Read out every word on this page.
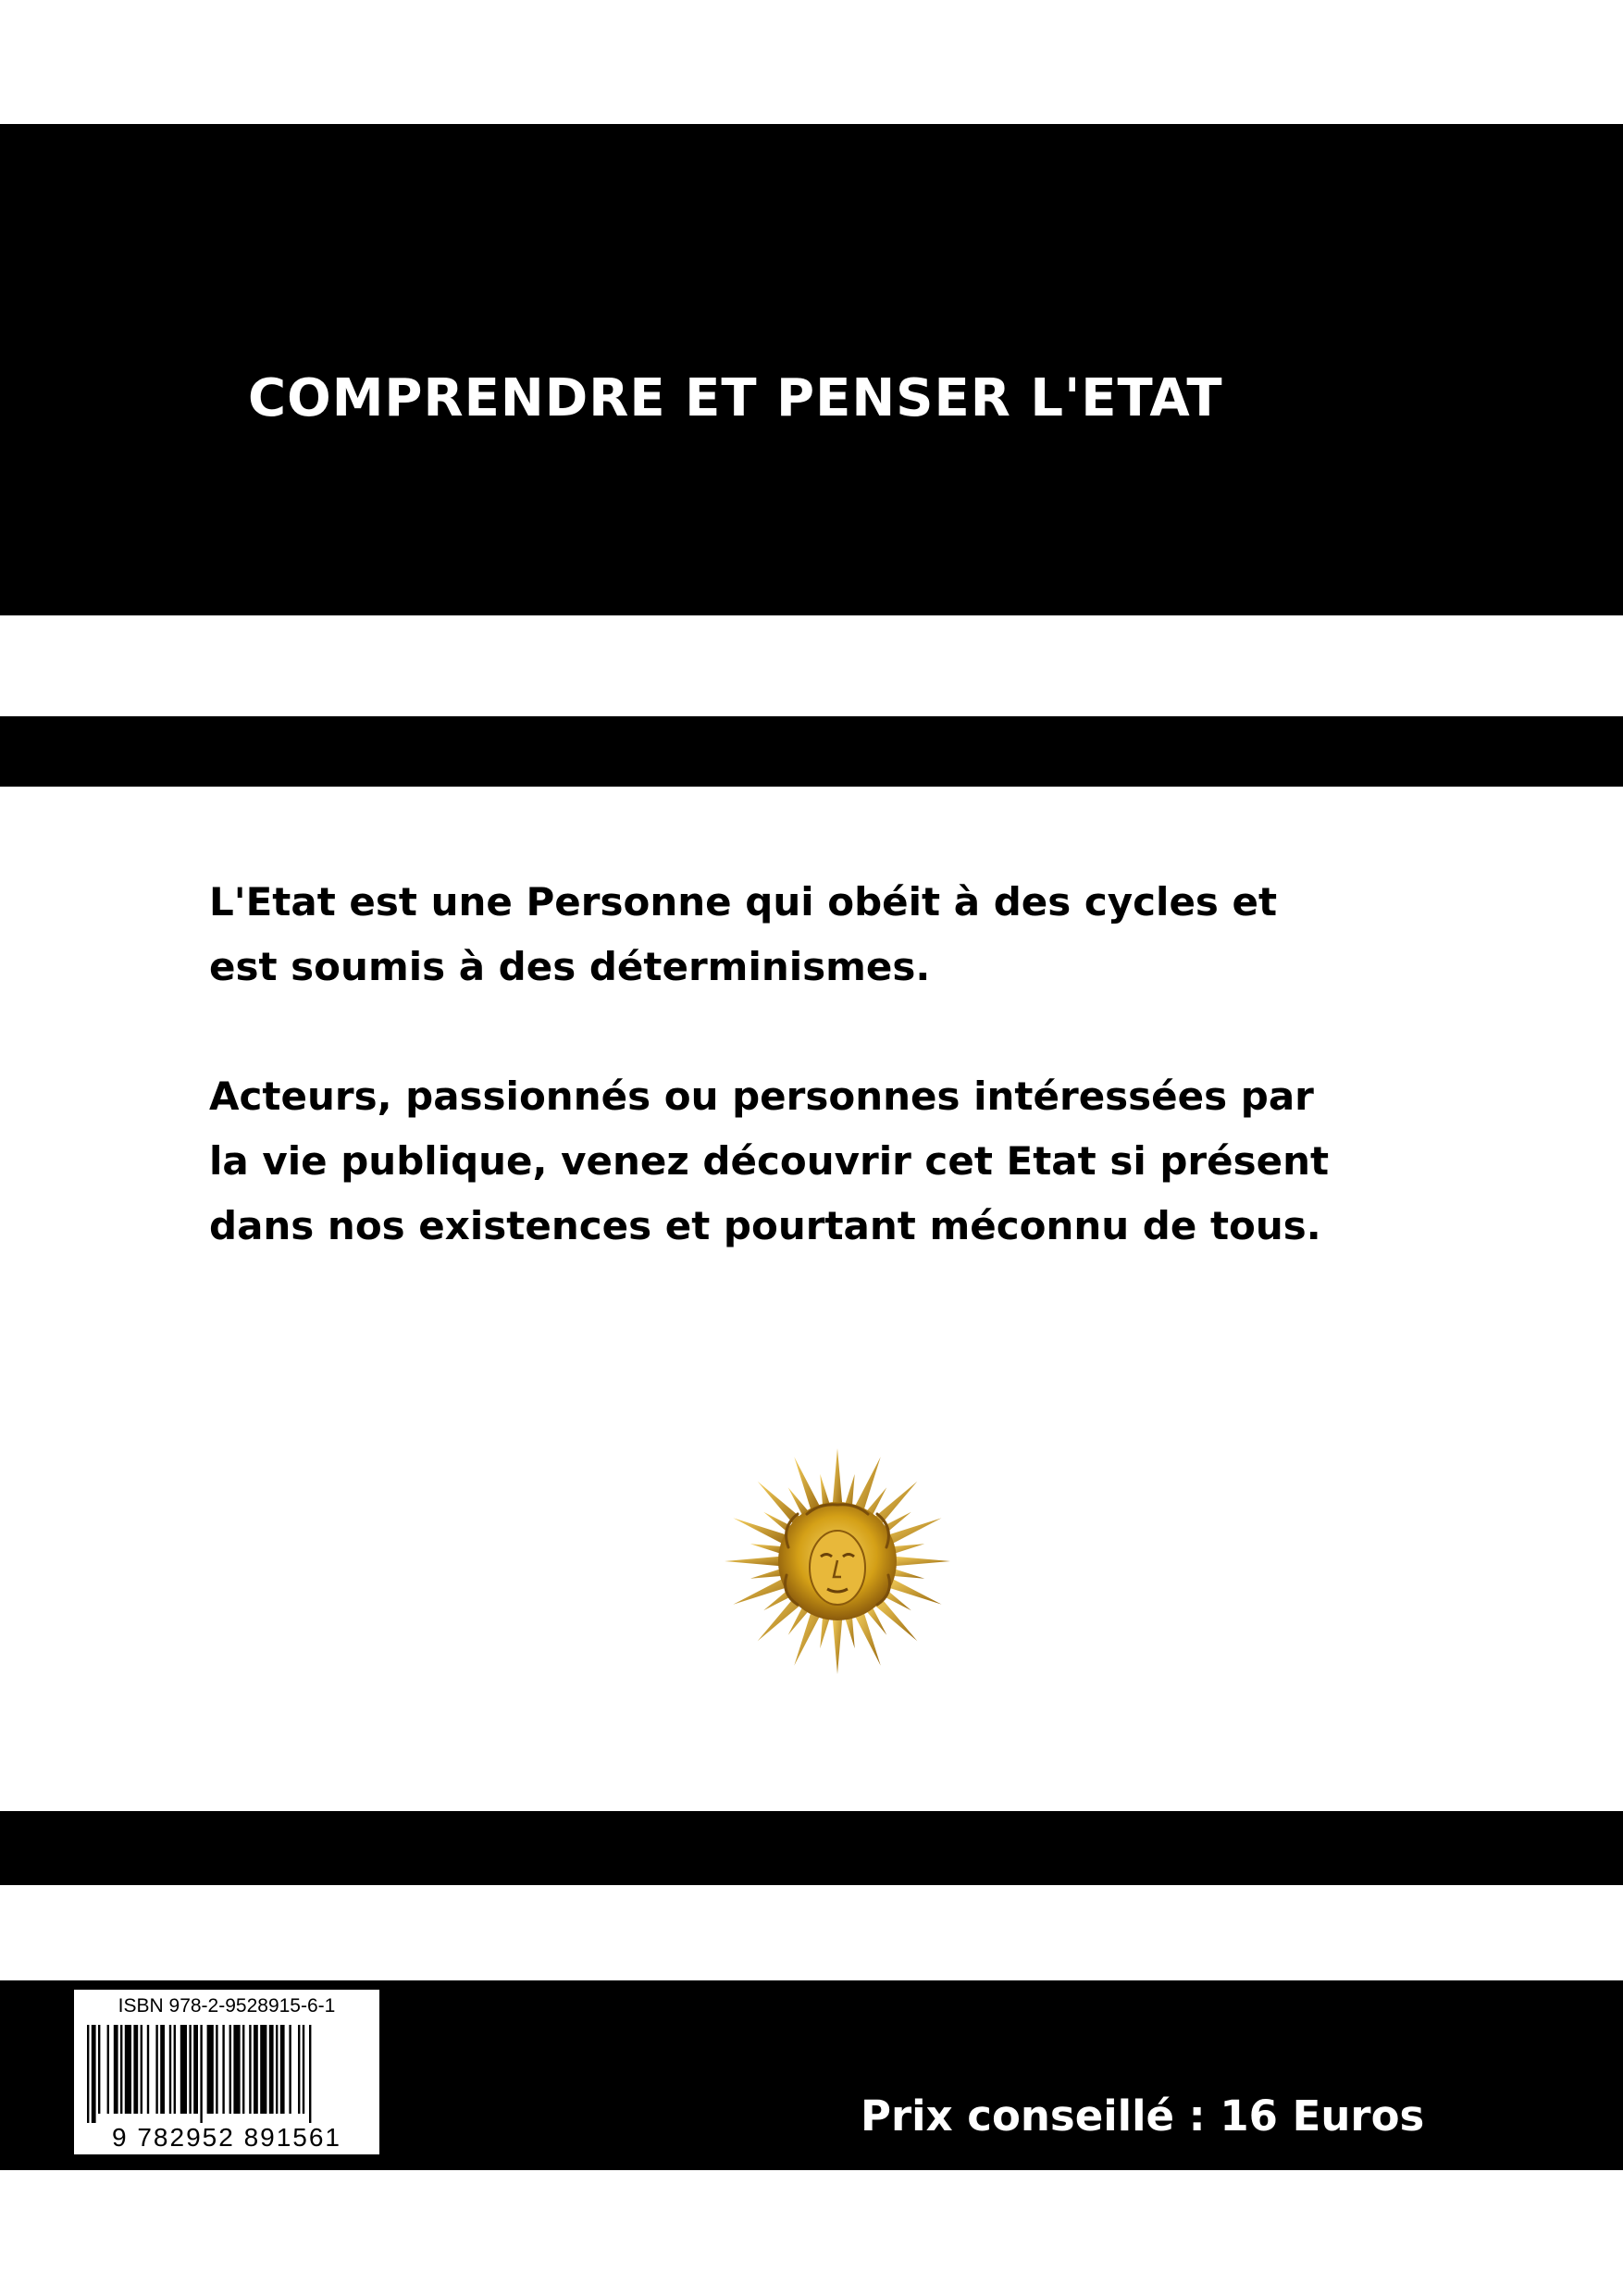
COMPRENDRE ET PENSER L'ETAT
L'Etat est une Personne qui obéit à des cycles et
est soumis à des déterminismes.
Acteurs, passionnés ou personnes intéressées par
la vie publique, venez découvrir cet Etat si présent
dans nos existences et pourtant méconnu de tous.
ISBN 978-2-9528915-6-1
9 782952 891561	Prix conseillé : 16 Euros
